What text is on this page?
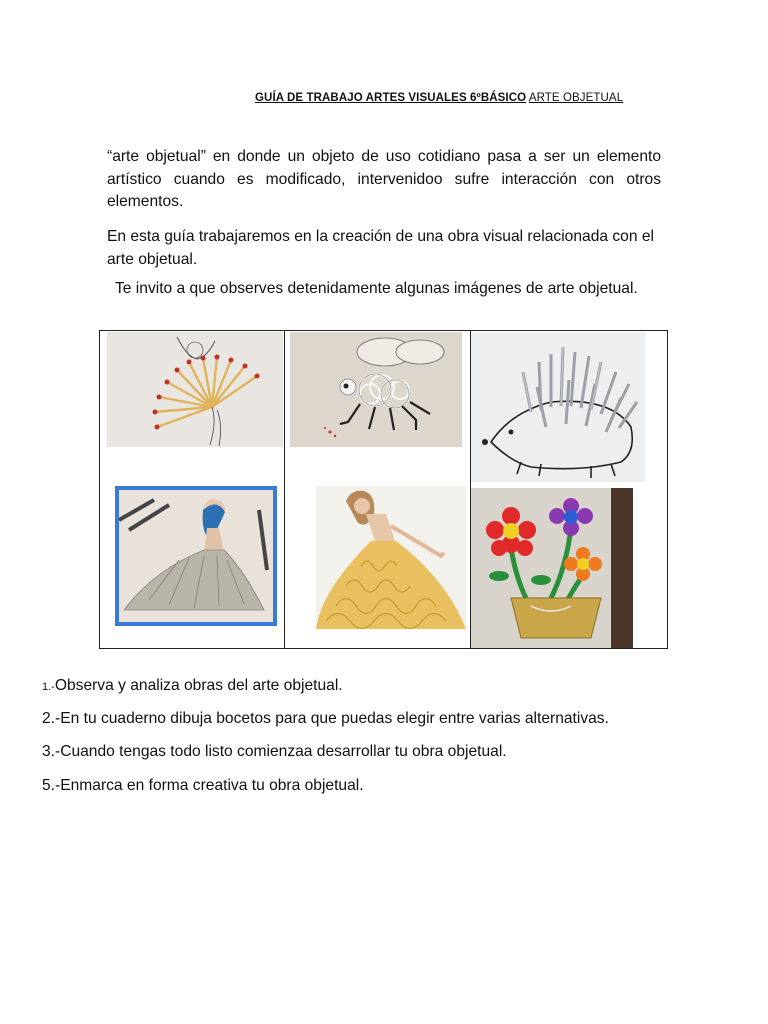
GUÍA DE TRABAJO ARTES VISUALES 6ºBÁSICO ARTE OBJETUAL

“arte objetual” en donde un objeto de uso cotidiano pasa a ser un elemento artístico cuando es modificado, intervenidoo sufre interacción con otros elementos.

En esta guía trabajaremos en la creación de una obra visual relacionada con el arte objetual.

Te invito a que observes detenidamente algunas imágenes de arte objetual.

1.-Observa y analiza obras del arte objetual.

2.-En tu cuaderno dibuja bocetos para que puedas elegir entre varias alternativas.

3.-Cuando tengas todo listo comienzaa desarrollar tu obra objetual.

5.-Enmarca en forma creativa tu obra objetual.
